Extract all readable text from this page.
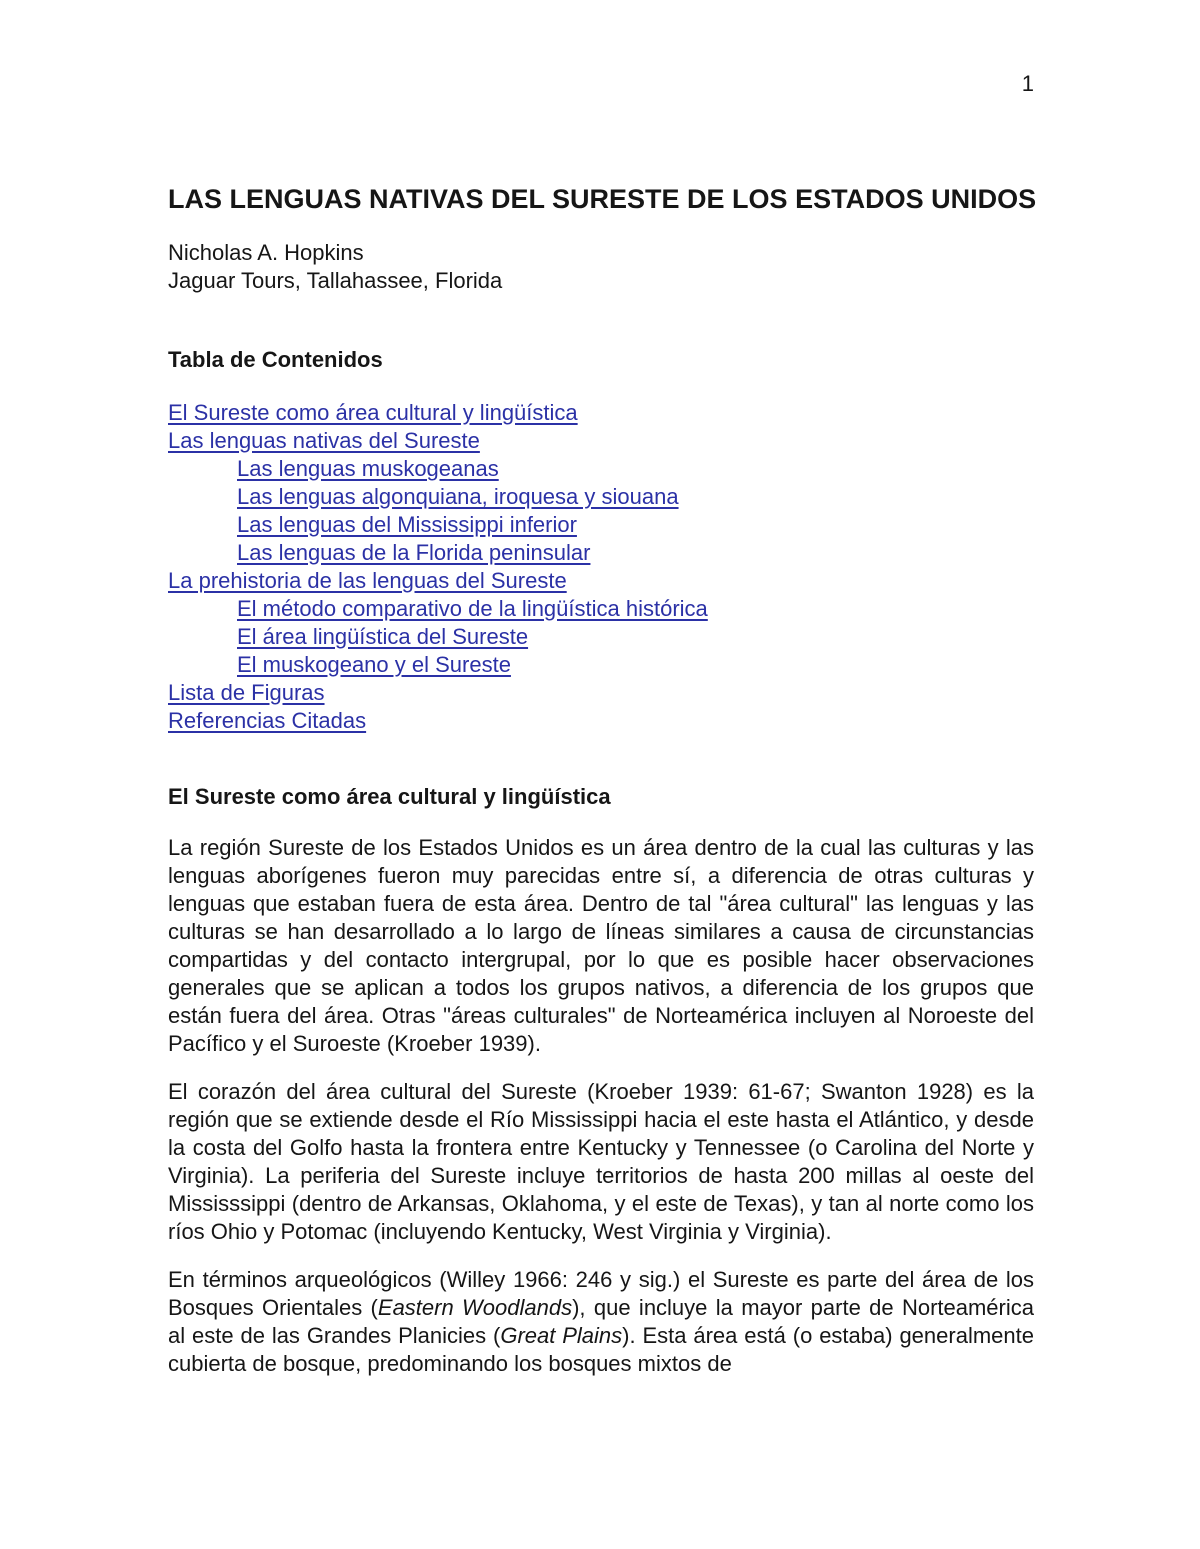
1
LAS LENGUAS NATIVAS DEL SURESTE DE LOS ESTADOS UNIDOS
Nicholas A. Hopkins
Jaguar Tours, Tallahassee, Florida
Tabla de Contenidos
El Sureste como área cultural y lingüística
Las lenguas nativas del Sureste
Las lenguas muskogeanas
Las lenguas algonquiana, iroquesa y siouana
Las lenguas del Mississippi inferior
Las lenguas de la Florida peninsular
La prehistoria de las lenguas del Sureste
El método comparativo de la lingüística histórica
El área lingüística del Sureste
El muskogeano y el Sureste
Lista de Figuras
Referencias Citadas
El Sureste como área cultural y lingüística

La región Sureste de los Estados Unidos es un área dentro de la cual las culturas y las lenguas aborígenes fueron muy parecidas entre sí, a diferencia de otras culturas y lenguas que estaban fuera de esta área. Dentro de tal "área cultural" las lenguas y las culturas se han desarrollado a lo largo de líneas similares a causa de circunstancias compartidas y del contacto intergrupal, por lo que es posible hacer observaciones generales que se aplican a todos los grupos nativos, a diferencia de los grupos que están fuera del área. Otras "áreas culturales" de Norteamérica incluyen al Noroeste del Pacífico y el Suroeste (Kroeber 1939).

El corazón del área cultural del Sureste (Kroeber 1939: 61-67; Swanton 1928) es la región que se extiende desde el Río Mississippi hacia el este hasta el Atlántico, y desde la costa del Golfo hasta la frontera entre Kentucky y Tennessee (o Carolina del Norte y Virginia). La periferia del Sureste incluye territorios de hasta 200 millas al oeste del Mississsippi (dentro de Arkansas, Oklahoma, y el este de Texas), y tan al norte como los ríos Ohio y Potomac (incluyendo Kentucky, West Virginia y Virginia).

En términos arqueológicos (Willey 1966: 246 y sig.) el Sureste es parte del área de los Bosques Orientales (Eastern Woodlands), que incluye la mayor parte de Norteamérica al este de las Grandes Planicies (Great Plains). Esta área está (o estaba) generalmente cubierta de bosque, predominando los bosques mixtos de
